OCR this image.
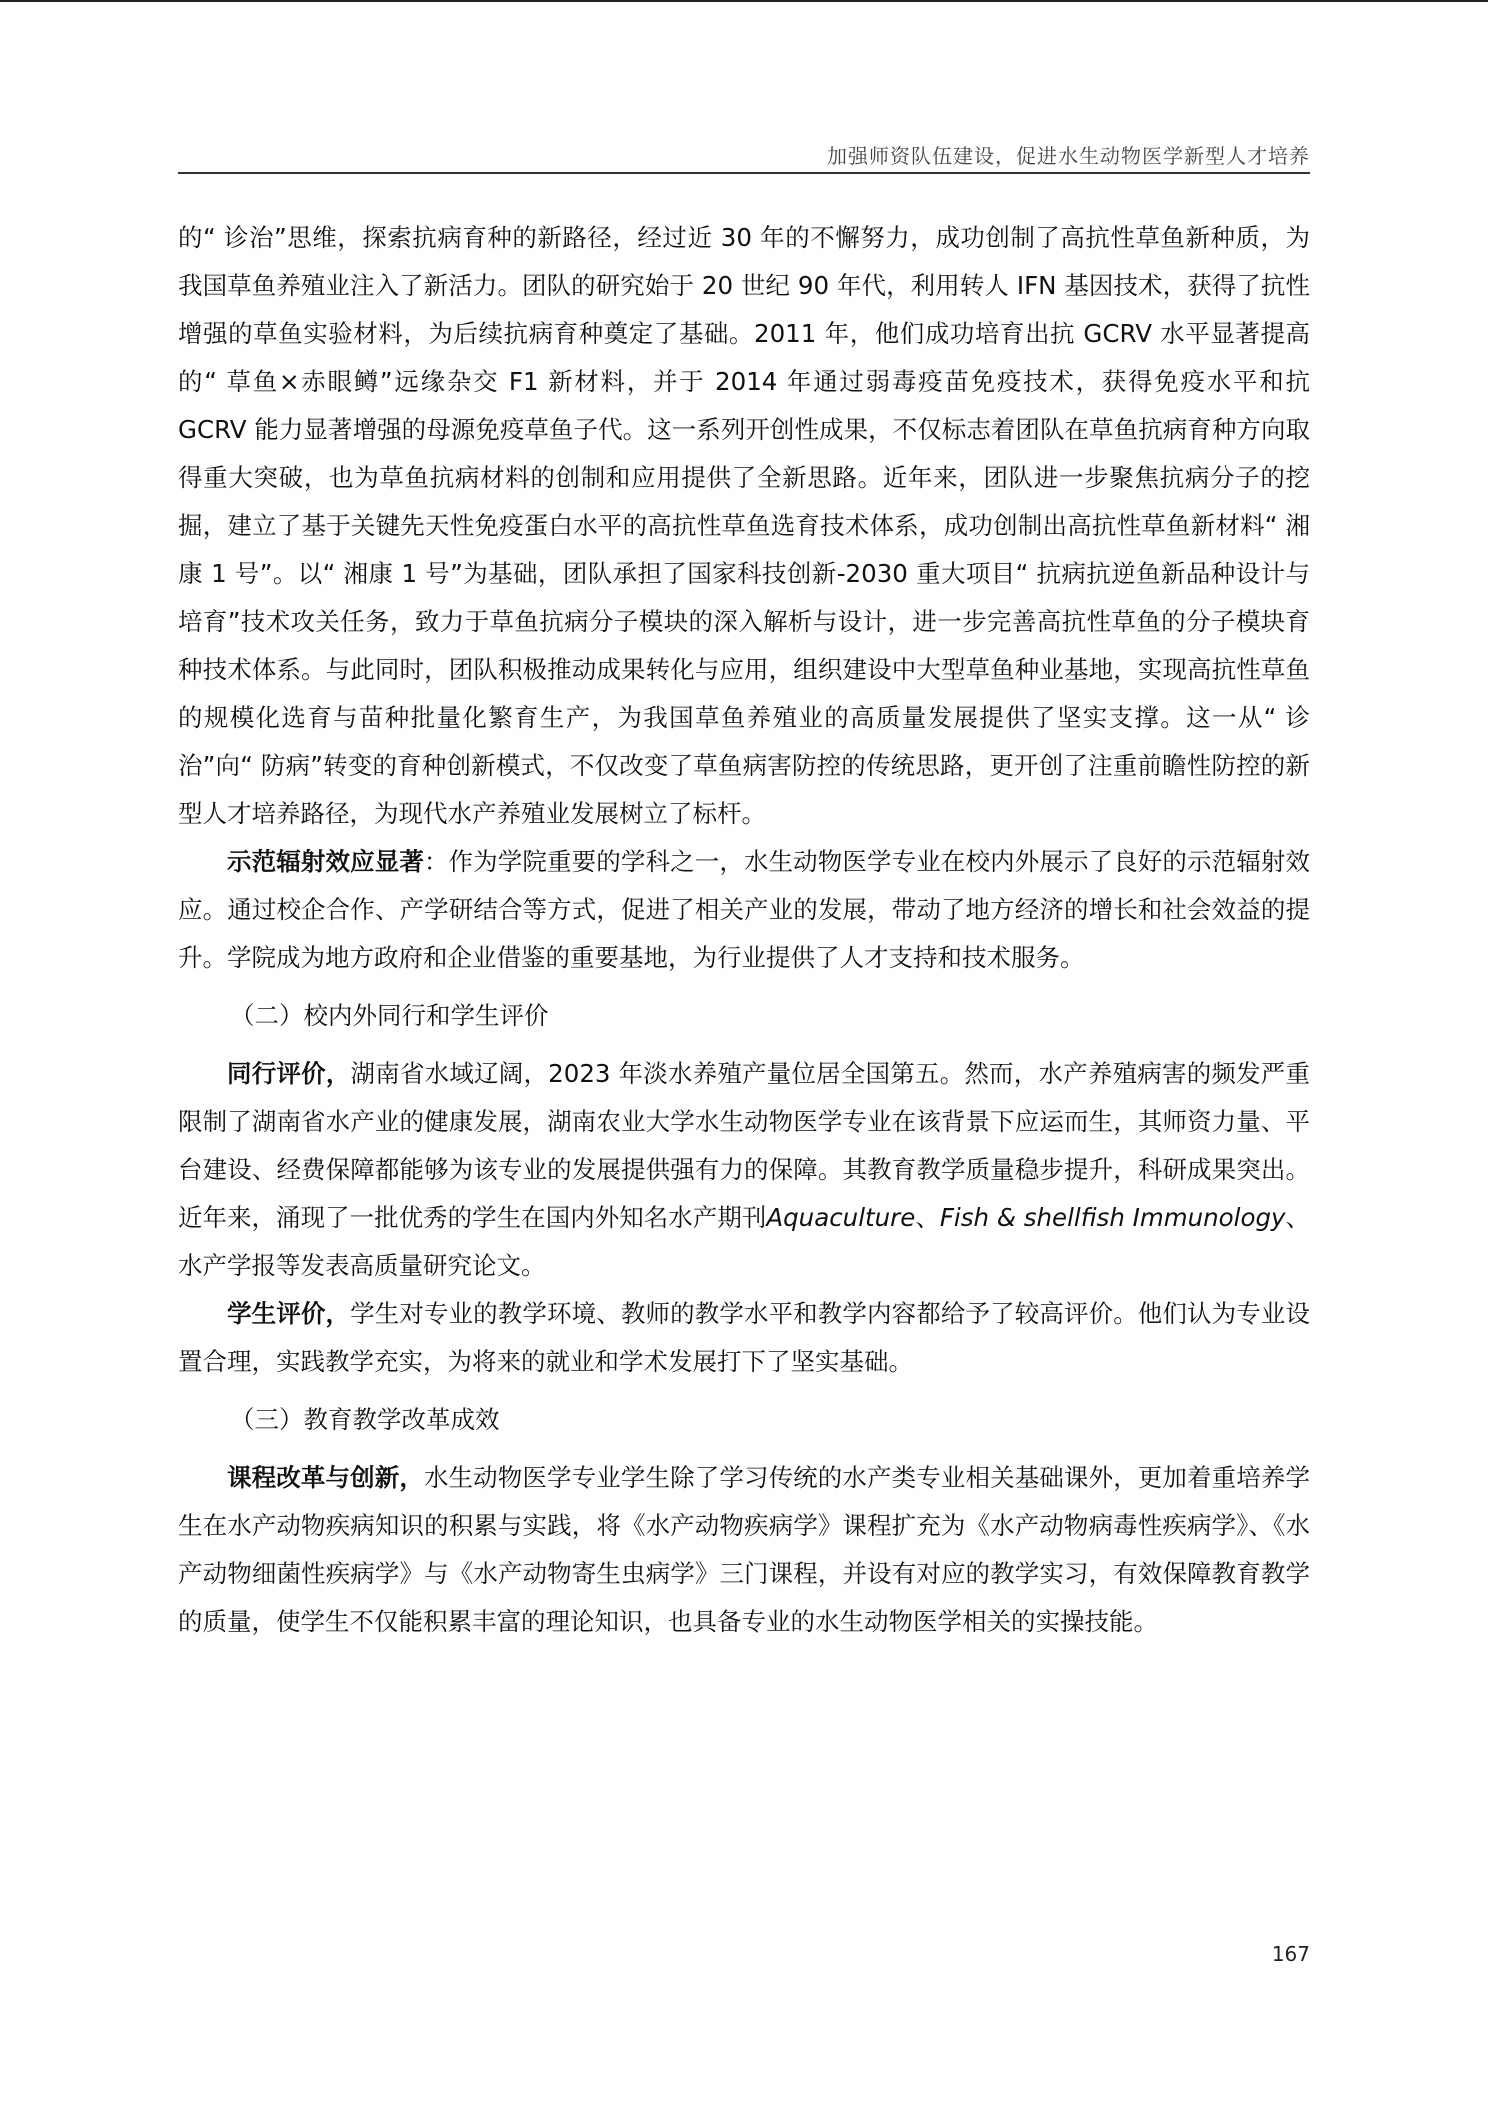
加强师资队伍建设，促进水生动物医学新型人才培养

的“ 诊治”思维，探索抗病育种的新路径，经过近 30 年的不懈努力，成功创制了高抗性草鱼新种质，为我国草鱼养殖业注入了新活力。团队的研究始于 20 世纪 90 年代，利用转人 IFN 基因技术，获得了抗性增强的草鱼实验材料，为后续抗病育种奠定了基础。2011 年，他们成功培育出抗 GCRV 水平显著提高的“ 草鱼×赤眼鳟”远缘杂交 F1 新材料，并于 2014 年通过弱毒疫苗免疫技术，获得免疫水平和抗 GCRV 能力显著增强的母源免疫草鱼子代。这一系列开创性成果，不仅标志着团队在草鱼抗病育种方向取得重大突破，也为草鱼抗病材料的创制和应用提供了全新思路。近年来，团队进一步聚焦抗病分子的挖掘，建立了基于关键先天性免疫蛋白水平的高抗性草鱼选育技术体系，成功创制出高抗性草鱼新材料“ 湘康 1 号”。以“ 湘康 1 号”为基础，团队承担了国家科技创新-2030 重大项目“ 抗病抗逆鱼新品种设计与培育”技术攻关任务，致力于草鱼抗病分子模块的深入解析与设计，进一步完善高抗性草鱼的分子模块育种技术体系。与此同时，团队积极推动成果转化与应用，组织建设中大型草鱼种业基地，实现高抗性草鱼的规模化选育与苗种批量化繁育生产，为我国草鱼养殖业的高质量发展提供了坚实支撑。这一从“ 诊治”向“ 防病”转变的育种创新模式，不仅改变了草鱼病害防控的传统思路，更开创了注重前瞻性防控的新型人才培养路径，为现代水产养殖业发展树立了标杆。

示范辐射效应显著：作为学院重要的学科之一，水生动物医学专业在校内外展示了良好的示范辐射效应。通过校企合作、产学研结合等方式，促进了相关产业的发展，带动了地方经济的增长和社会效益的提升。学院成为地方政府和企业借鉴的重要基地，为行业提供了人才支持和技术服务。

（二）校内外同行和学生评价

同行评价，湖南省水域辽阔，2023 年淡水养殖产量位居全国第五。然而，水产养殖病害的频发严重限制了湖南省水产业的健康发展，湖南农业大学水生动物医学专业在该背景下应运而生，其师资力量、平台建设、经费保障都能够为该专业的发展提供强有力的保障。其教育教学质量稳步提升，科研成果突出。近年来，涌现了一批优秀的学生在国内外知名水产期刊Aquaculture、Fish & shellfish Immunology、水产学报等发表高质量研究论文。

学生评价，学生对专业的教学环境、教师的教学水平和教学内容都给予了较高评价。他们认为专业设置合理，实践教学充实，为将来的就业和学术发展打下了坚实基础。

（三）教育教学改革成效

课程改革与创新，水生动物医学专业学生除了学习传统的水产类专业相关基础课外，更加着重培养学生在水产动物疾病知识的积累与实践，将《水产动物疾病学》课程扩充为《水产动物病毒性疾病学》、《水产动物细菌性疾病学》与《水产动物寄生虫病学》三门课程，并设有对应的教学实习，有效保障教育教学的质量，使学生不仅能积累丰富的理论知识，也具备专业的水生动物医学相关的实操技能。

167
